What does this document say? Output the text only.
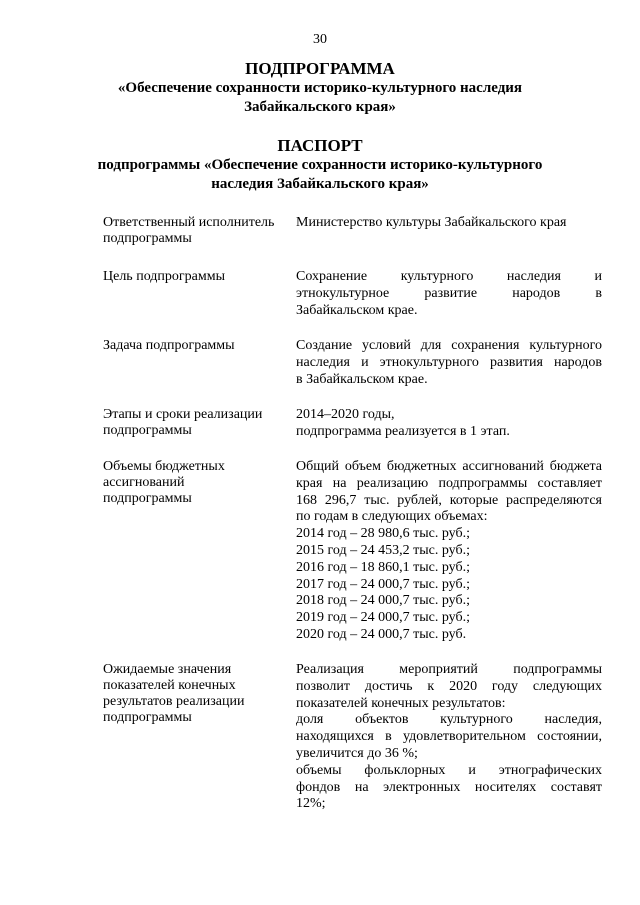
30
ПОДПРОГРАММА
«Обеспечение сохранности историко-культурного наследия
Забайкальского края»
ПАСПОРТ
подпрограммы «Обеспечение сохранности историко-культурного
наследия Забайкальского края»
Ответственный исполнитель
подпрограммы
Министерство культуры Забайкальского края
Цель подпрограммы	Сохранение культурного наследия и
этнокультурное развитие народов в
Забайкальском крае.
Задача подпрограммы	Создание условий для сохранения культурного
наследия и этнокультурного развития народов
в Забайкальском крае.
Этапы и сроки реализации
подпрограммы
2014–2020 годы,
подпрограмма реализуется в 1 этап.
Объемы бюджетных
ассигнований
подпрограммы
Общий объем бюджетных ассигнований бюджета
края на реализацию подпрограммы составляет
168 296,7 тыс. рублей, которые распределяются
по годам в следующих объемах:
2014 год – 28 980,6 тыс. руб.;
2015 год – 24 453,2 тыс. руб.;
2016 год – 18 860,1 тыс. руб.;
2017 год – 24 000,7 тыс. руб.;
2018 год – 24 000,7 тыс. руб.;
2019 год – 24 000,7 тыс. руб.;
2020 год – 24 000,7 тыс. руб.
Ожидаемые значения
показателей конечных
результатов реализации
подпрограммы
Реализация мероприятий подпрограммы
позволит достичь к 2020 году следующих
показателей конечных результатов:
доля объектов культурного наследия,
находящихся в удовлетворительном состоянии,
увеличится до 36 %;
объемы фольклорных и этнографических
фондов на электронных носителях составят
12%;
